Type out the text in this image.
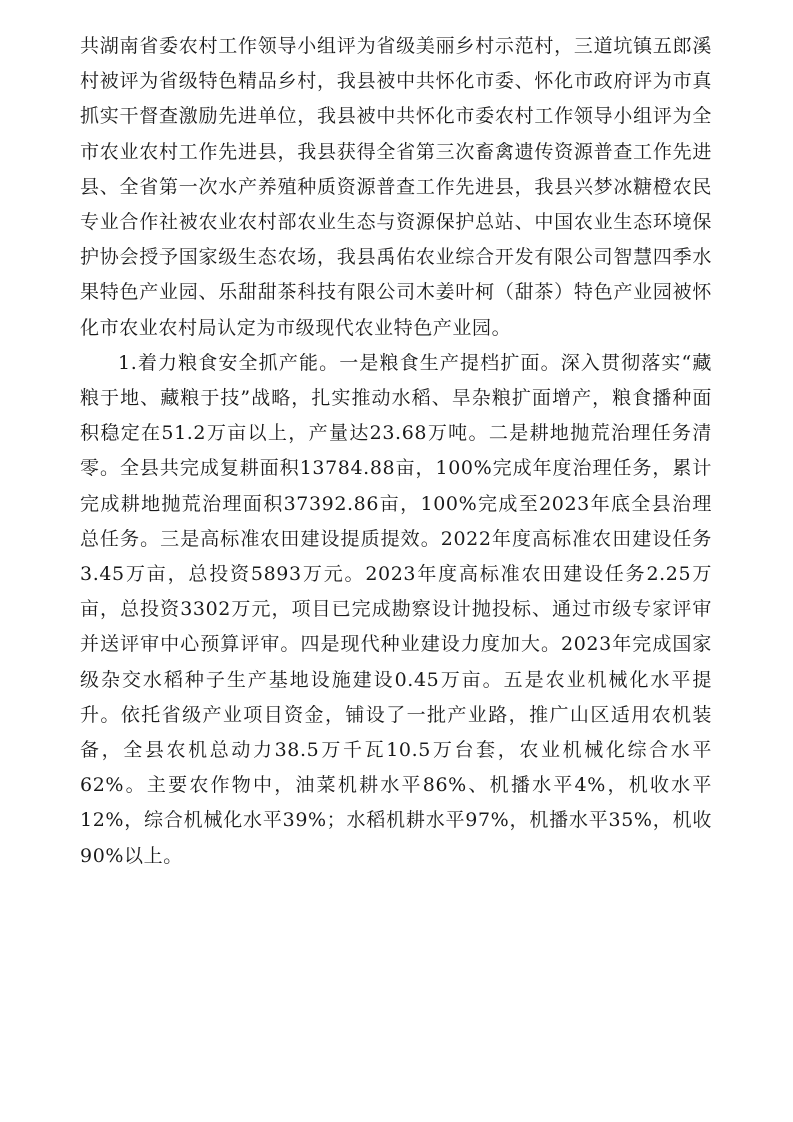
共湖南省委农村工作领导小组评为省级美丽乡村示范村，三道坑镇五郎溪村被评为省级特色精品乡村，我县被中共怀化市委、怀化市政府评为市真抓实干督查激励先进单位，我县被中共怀化市委农村工作领导小组评为全市农业农村工作先进县，我县获得全省第三次畜禽遗传资源普查工作先进县、全省第一次水产养殖种质资源普查工作先进县，我县兴梦冰糖橙农民专业合作社被农业农村部农业生态与资源保护总站、中国农业生态环境保护协会授予国家级生态农场，我县禹佑农业综合开发有限公司智慧四季水果特色产业园、乐甜甜茶科技有限公司木姜叶柯（甜茶）特色产业园被怀化市农业农村局认定为市级现代农业特色产业园。

1.着力粮食安全抓产能。一是粮食生产提档扩面。深入贯彻落实“藏粮于地、藏粮于技”战略，扎实推动水稻、旱杂粮扩面增产，粮食播种面积稳定在51.2万亩以上，产量达23.68万吨。二是耕地抛荒治理任务清零。全县共完成复耕面积13784.88亩，100%完成年度治理任务，累计完成耕地抛荒治理面积37392.86亩，100%完成至2023年底全县治理总任务。三是高标准农田建设提质提效。2022年度高标准农田建设任务3.45万亩，总投资5893万元。2023年度高标准农田建设任务2.25万亩，总投资3302万元，项目已完成勘察设计抛投标、通过市级专家评审并送评审中心预算评审。四是现代种业建设力度加大。2023年完成国家级杂交水稻种子生产基地设施建设0.45万亩。五是农业机械化水平提升。依托省级产业项目资金，铺设了一批产业路，推广山区适用农机装备，全县农机总动力38.5万千瓦10.5万台套，农业机械化综合水平62%。主要农作物中，油菜机耕水平86%、机播水平4%，机收水平12%，综合机械化水平39%；水稻机耕水平97%，机播水平35%，机收90%以上。
